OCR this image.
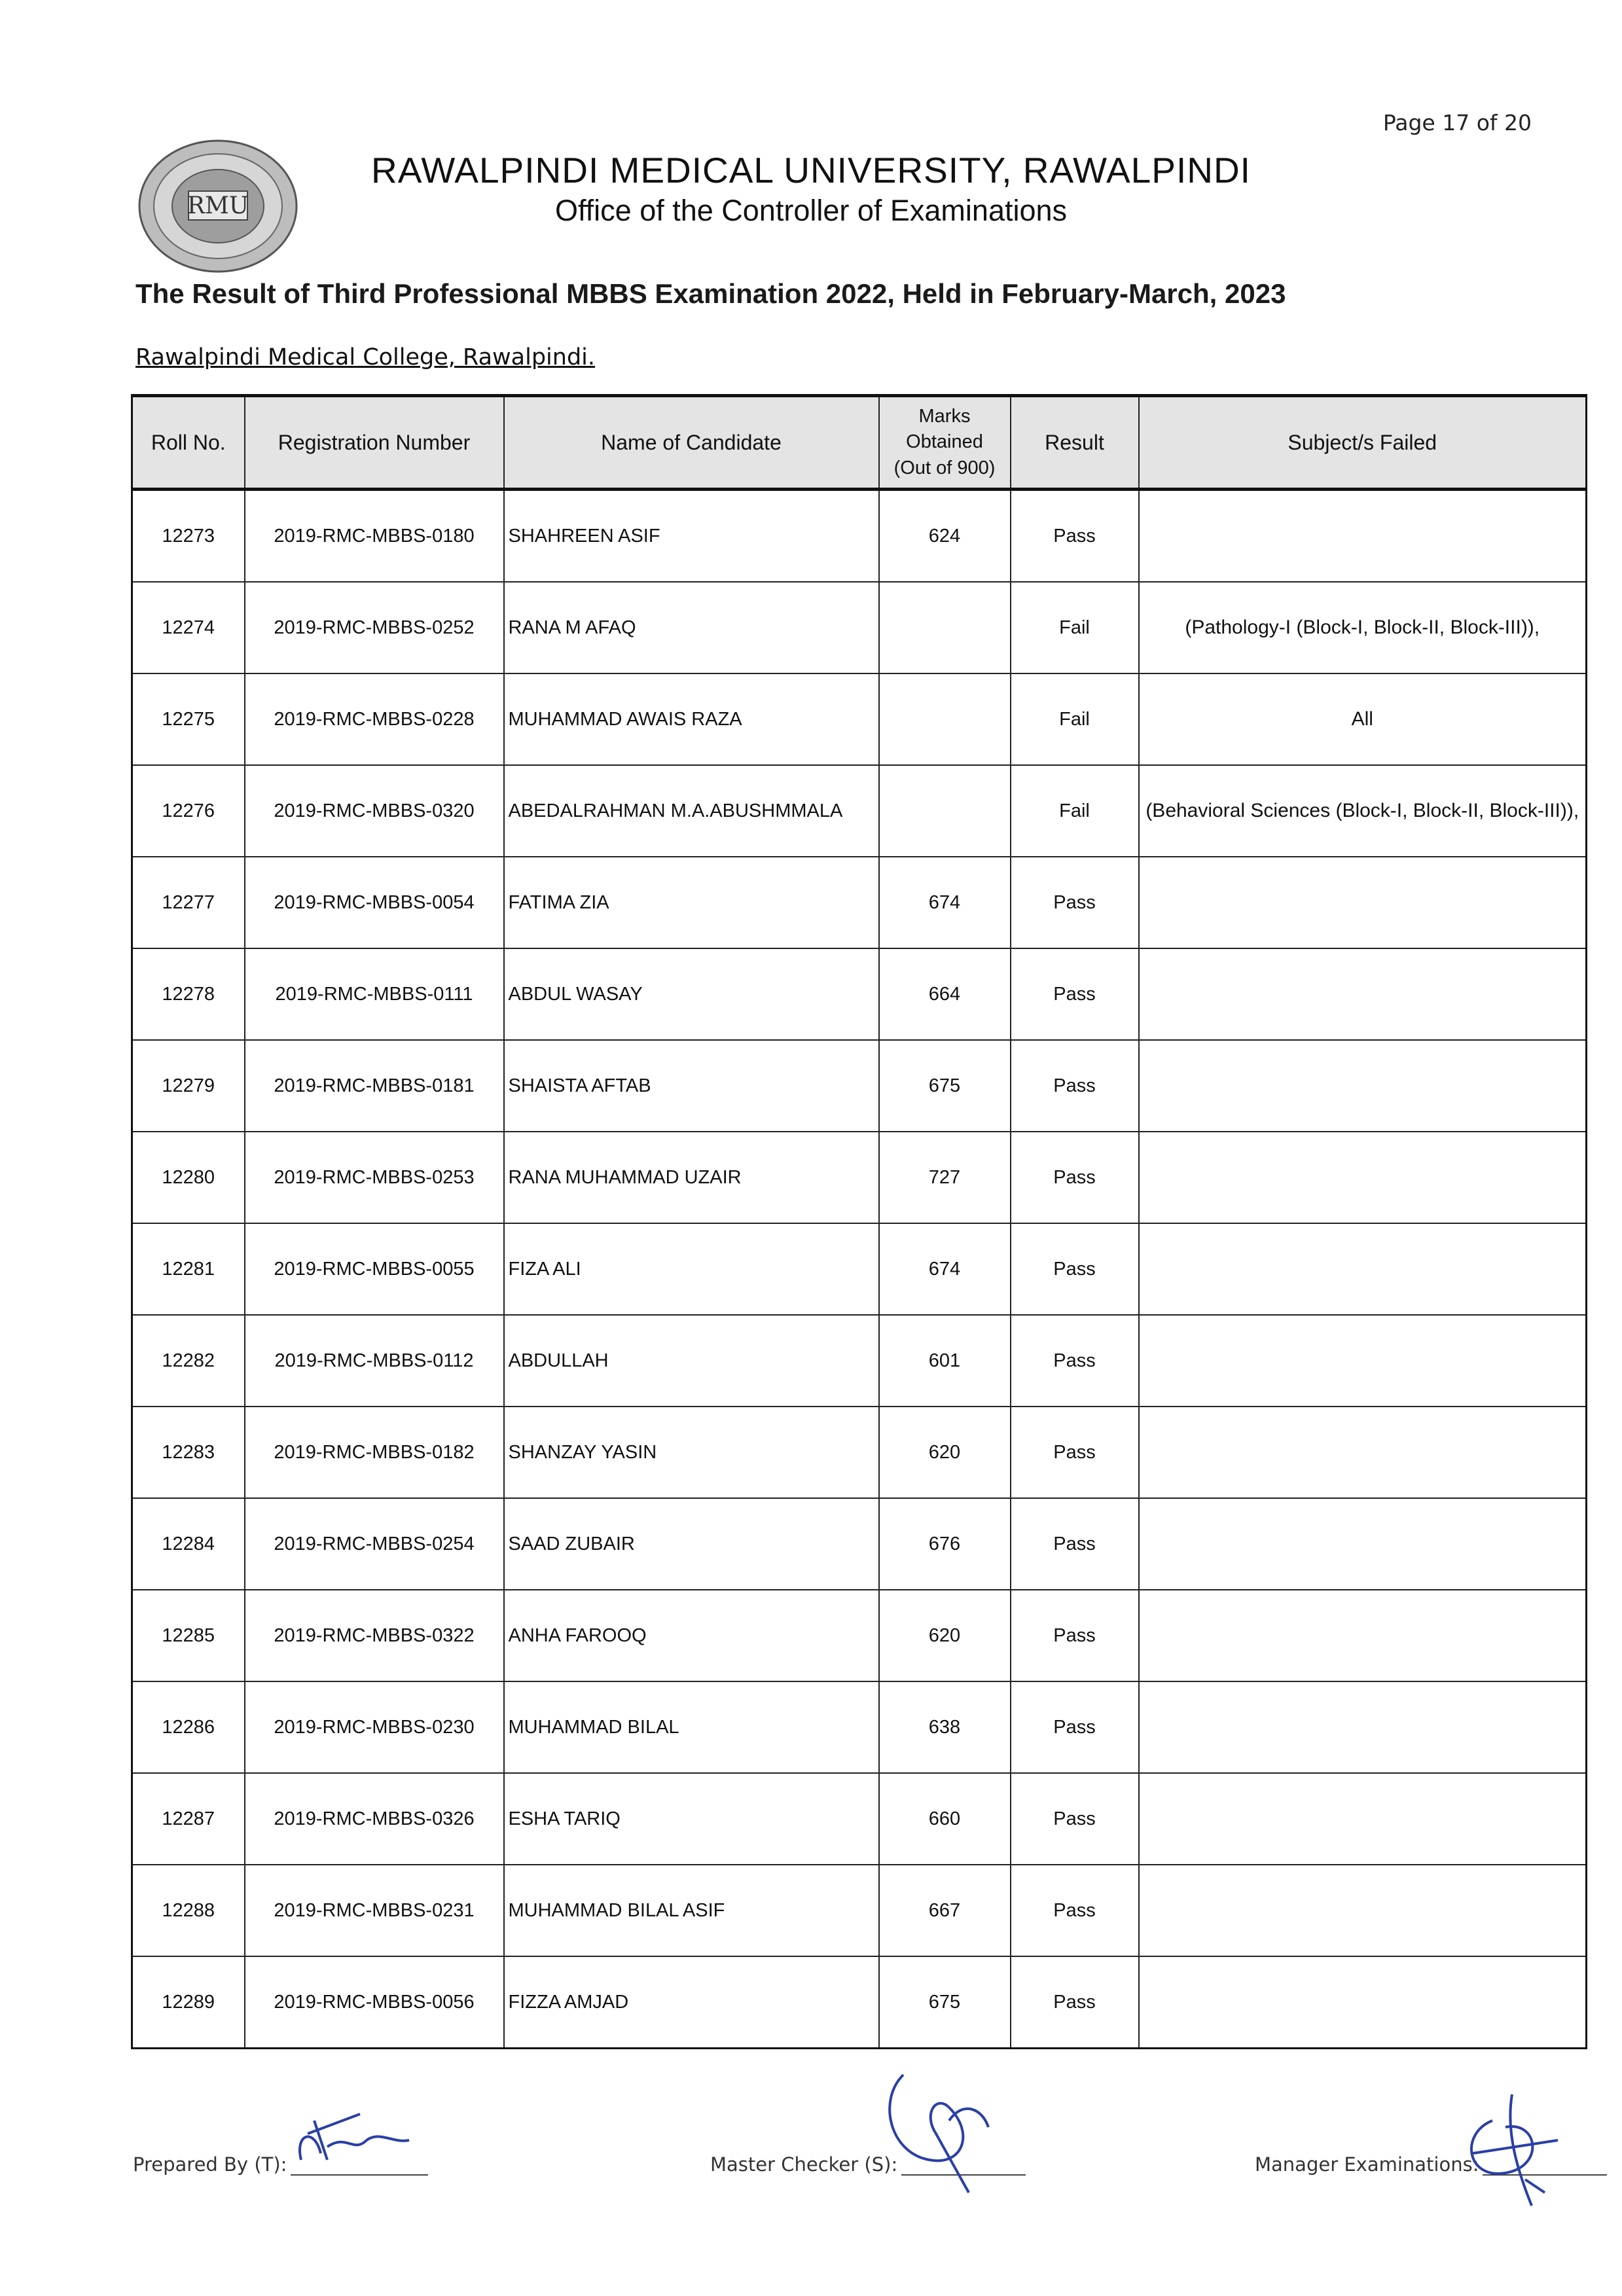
Page 17 of 20
RMU
RAWALPINDI MEDICAL UNIVERSITY, RAWALPINDI
Office of the Controller of Examinations
The Result of Third Professional MBBS Examination 2022, Held in February-March, 2023
Rawalpindi Medical College, Rawalpindi.
Roll No.	Registration Number	Name of Candidate	Marks
Obtained
(Out of 900)	Result	Subject/s Failed
12273	2019-RMC-MBBS-0180	SHAHREEN ASIF	624	Pass	
12274	2019-RMC-MBBS-0252	RANA M AFAQ		Fail	(Pathology-I (Block-I, Block-II, Block-III)),
12275	2019-RMC-MBBS-0228	MUHAMMAD AWAIS RAZA		Fail	All
12276	2019-RMC-MBBS-0320	ABEDALRAHMAN M.A.ABUSHMMALA		Fail	(Behavioral Sciences (Block-I, Block-II, Block-III)),
12277	2019-RMC-MBBS-0054	FATIMA ZIA	674	Pass	
12278	2019-RMC-MBBS-0111	ABDUL WASAY	664	Pass	
12279	2019-RMC-MBBS-0181	SHAISTA AFTAB	675	Pass	
12280	2019-RMC-MBBS-0253	RANA MUHAMMAD UZAIR	727	Pass	
12281	2019-RMC-MBBS-0055	FIZA ALI	674	Pass	
12282	2019-RMC-MBBS-0112	ABDULLAH	601	Pass	
12283	2019-RMC-MBBS-0182	SHANZAY YASIN	620	Pass	
12284	2019-RMC-MBBS-0254	SAAD ZUBAIR	676	Pass	
12285	2019-RMC-MBBS-0322	ANHA FAROOQ	620	Pass	
12286	2019-RMC-MBBS-0230	MUHAMMAD BILAL	638	Pass	
12287	2019-RMC-MBBS-0326	ESHA TARIQ	660	Pass	
12288	2019-RMC-MBBS-0231	MUHAMMAD BILAL ASIF	667	Pass	
12289	2019-RMC-MBBS-0056	FIZZA AMJAD	675	Pass	
Prepared By (T):	Master Checker (S):	Manager Examinations:
